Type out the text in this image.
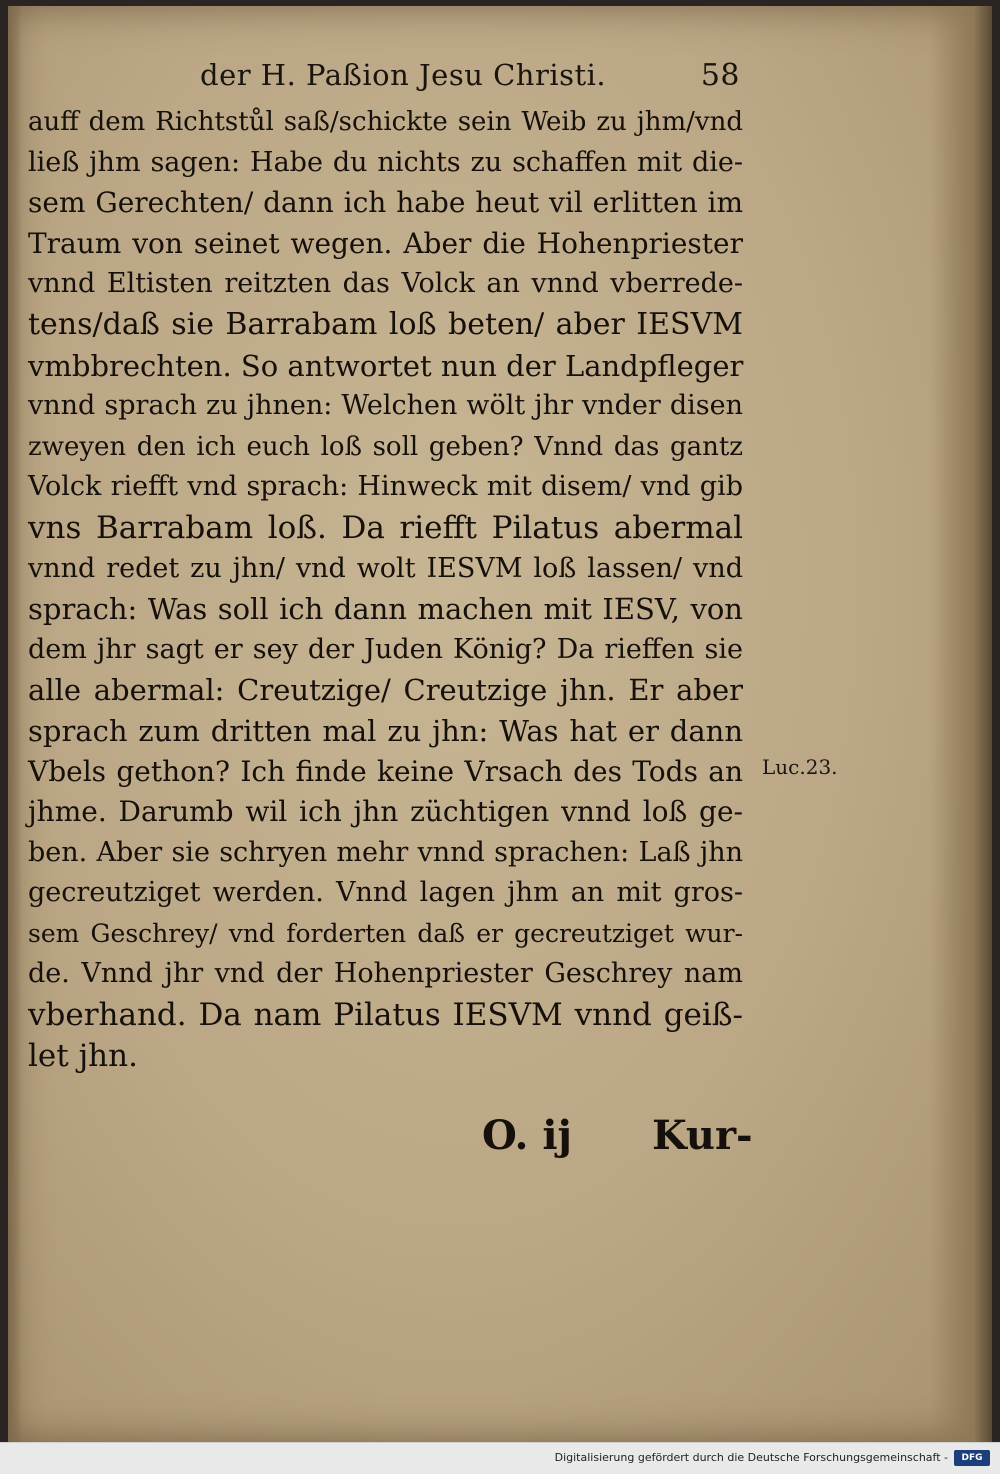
der H. Paßion Jesu Christi.	58
auff dem Richtstůl saß/schickte sein Weib zu jhm/vnd
ließ jhm sagen: Habe du nichts zu schaffen mit die-
sem Gerechten/ dann ich habe heut vil erlitten im
Traum von seinet wegen. Aber die Hohenpriester
vnnd Eltisten reitzten das Volck an vnnd vberrede-
tens/daß sie Barrabam loß beten/ aber IESVM
vmbbrechten. So antwortet nun der Landpfleger
vnnd sprach zu jhnen: Welchen wölt jhr vnder disen
zweyen den ich euch loß soll geben? Vnnd das gantz
Volck riefft vnd sprach: Hinweck mit disem/ vnd gib
vns Barrabam loß. Da riefft Pilatus abermal
vnnd redet zu jhn/ vnd wolt IESVM loß lassen/ vnd
sprach: Was soll ich dann machen mit IESV, von
dem jhr sagt er sey der Juden König? Da rieffen sie
alle abermal: Creutzige/ Creutzige jhn. Er aber
sprach zum dritten mal zu jhn: Was hat er dann
Vbels gethon? Ich finde keine Vrsach des Tods an
jhme. Darumb wil ich jhn züchtigen vnnd loß ge-
ben. Aber sie schryen mehr vnnd sprachen: Laß jhn
gecreutziget werden. Vnnd lagen jhm an mit gros-
sem Geschrey/ vnd forderten daß er gecreutziget wur-
de. Vnnd jhr vnd der Hohenpriester Geschrey nam
vberhand. Da nam Pilatus IESVM vnnd geiß-
let jhn.
Luc.23.
O. ij Kur-
Digitalisierung gefördert durch die Deutsche Forschungsgemeinschaft -	DFG
